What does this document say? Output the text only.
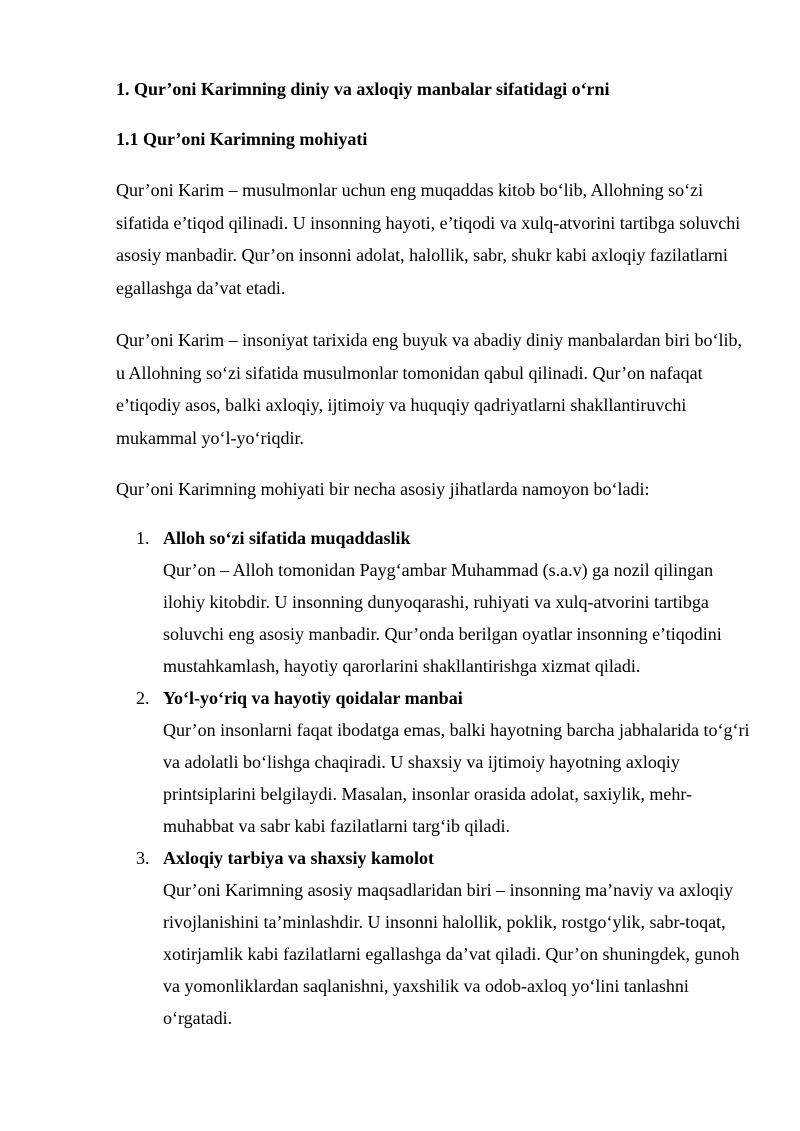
1. Qur’oni Karimning diniy va axloqiy manbalar sifatidagi o‘rni
1.1 Qur’oni Karimning mohiyati

Qur’oni Karim – musulmonlar uchun eng muqaddas kitob bo‘lib, Allohning so‘zi sifatida e’tiqod qilinadi. U insonning hayoti, e’tiqodi va xulq-atvorini tartibga soluvchi asosiy manbadir. Qur’on insonni adolat, halollik, sabr, shukr kabi axloqiy fazilatlarni egallashga da’vat etadi.

Qur’oni Karim – insoniyat tarixida eng buyuk va abadiy diniy manbalardan biri bo‘lib, u Allohning so‘zi sifatida musulmonlar tomonidan qabul qilinadi. Qur’on nafaqat e’tiqodiy asos, balki axloqiy, ijtimoiy va huquqiy qadriyatlarni shakllantiruvchi mukammal yo‘l-yo‘riqdir.

Qur’oni Karimning mohiyati bir necha asosiy jihatlarda namoyon bo‘ladi:

1. Alloh so‘zi sifatida muqaddaslik
Qur’on – Alloh tomonidan Payg‘ambar Muhammad (s.a.v) ga nozil qilingan ilohiy kitobdir. U insonning dunyoqarashi, ruhiyati va xulq-atvorini tartibga soluvchi eng asosiy manbadir. Qur’onda berilgan oyatlar insonning e’tiqodini mustahkamlash, hayotiy qarorlarini shakllantirishga xizmat qiladi.
2. Yo‘l-yo‘riq va hayotiy qoidalar manbai
Qur’on insonlarni faqat ibodatga emas, balki hayotning barcha jabhalarida to‘g‘ri va adolatli bo‘lishga chaqiradi. U shaxsiy va ijtimoiy hayotning axloqiy printsiplarini belgilaydi. Masalan, insonlar orasida adolat, saxiylik, mehr-muhabbat va sabr kabi fazilatlarni targ‘ib qiladi.
3. Axloqiy tarbiya va shaxsiy kamolot
Qur’oni Karimning asosiy maqsadlaridan biri – insonning ma’naviy va axloqiy rivojlanishini ta’minlashdir. U insonni halollik, poklik, rostgo‘ylik, sabr-toqat, xotirjamlik kabi fazilatlarni egallashga da’vat qiladi. Qur’on shuningdek, gunoh va yomonliklardan saqlanishni, yaxshilik va odob-axloq yo‘lini tanlashni o‘rgatadi.
